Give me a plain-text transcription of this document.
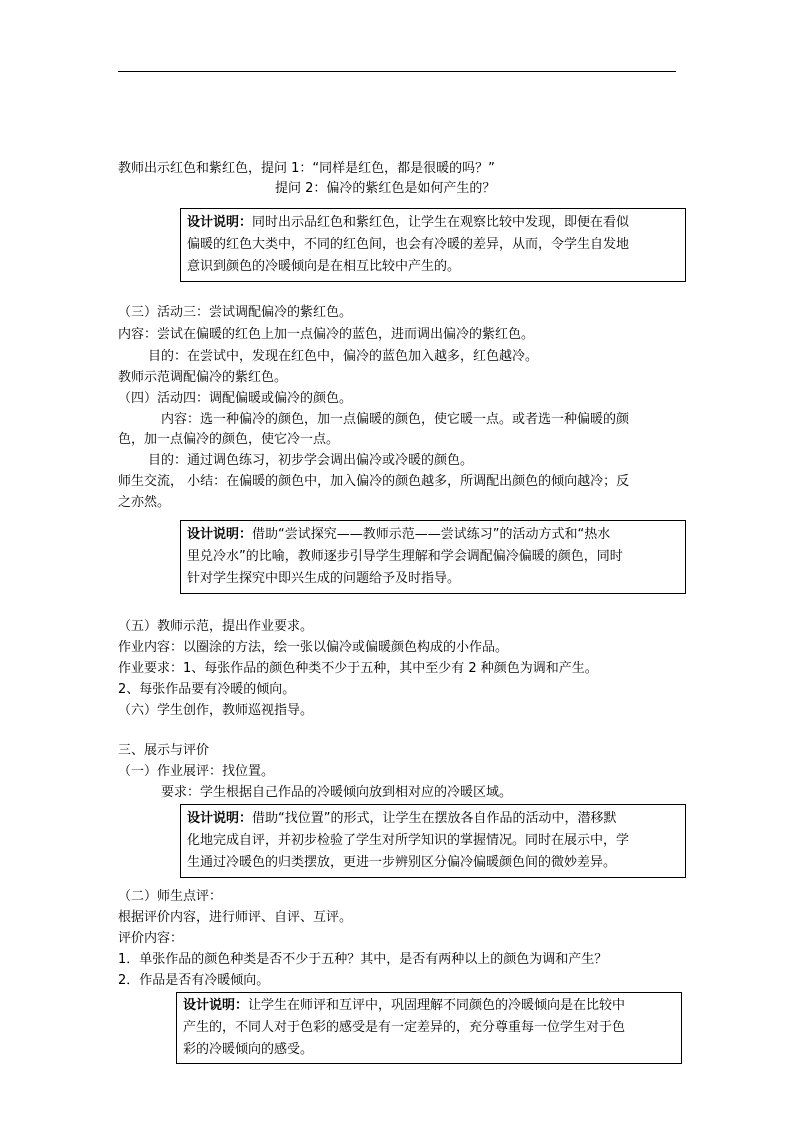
教师出示红色和紫红色，提问 1：“同样是红色，都是很暖的吗？”
提问 2：偏冷的紫红色是如何产生的？
设计说明：同时出示品红色和紫红色，让学生在观察比较中发现，即便在看似
偏暖的红色大类中，不同的红色间，也会有冷暖的差异，从而，令学生自发地
意识到颜色的冷暖倾向是在相互比较中产生的。
（三）活动三：尝试调配偏冷的紫红色。
内容：尝试在偏暖的红色上加一点偏冷的蓝色，进而调出偏冷的紫红色。
目的：在尝试中，发现在红色中，偏冷的蓝色加入越多，红色越冷。
教师示范调配偏冷的紫红色。
（四）活动四：调配偏暖或偏冷的颜色。
内容：选一种偏冷的颜色，加一点偏暖的颜色，使它暖一点。或者选一种偏暖的颜
色，加一点偏冷的颜色，使它冷一点。
目的：通过调色练习，初步学会调出偏冷或冷暖的颜色。
师生交流， 小结：在偏暖的颜色中，加入偏冷的颜色越多，所调配出颜色的倾向越冷；反
之亦然。
设计说明：借助“尝试探究——教师示范——尝试练习”的活动方式和“热水
里兑冷水”的比喻，教师逐步引导学生理解和学会调配偏冷偏暖的颜色，同时
针对学生探究中即兴生成的问题给予及时指导。
（五）教师示范，提出作业要求。
作业内容：以圈涂的方法，绘一张以偏冷或偏暖颜色构成的小作品。
作业要求：1、每张作品的颜色种类不少于五种，其中至少有 2 种颜色为调和产生。
2、每张作品要有冷暖的倾向。
（六）学生创作，教师巡视指导。
三、展示与评价
（一）作业展评：找位置。
要求：学生根据自己作品的冷暖倾向放到相对应的冷暖区域。
设计说明：借助“找位置”的形式，让学生在摆放各自作品的活动中，潜移默
化地完成自评，并初步检验了学生对所学知识的掌握情况。同时在展示中，学
生通过冷暖色的归类摆放，更进一步辨别区分偏冷偏暖颜色间的微妙差异。
（二）师生点评：
根据评价内容，进行师评、自评、互评。
评价内容：
1．单张作品的颜色种类是否不少于五种？其中，是否有两种以上的颜色为调和产生？
2．作品是否有冷暖倾向。
设计说明：让学生在师评和互评中，巩固理解不同颜色的冷暖倾向是在比较中
产生的，不同人对于色彩的感受是有一定差异的，充分尊重每一位学生对于色
彩的冷暖倾向的感受。
